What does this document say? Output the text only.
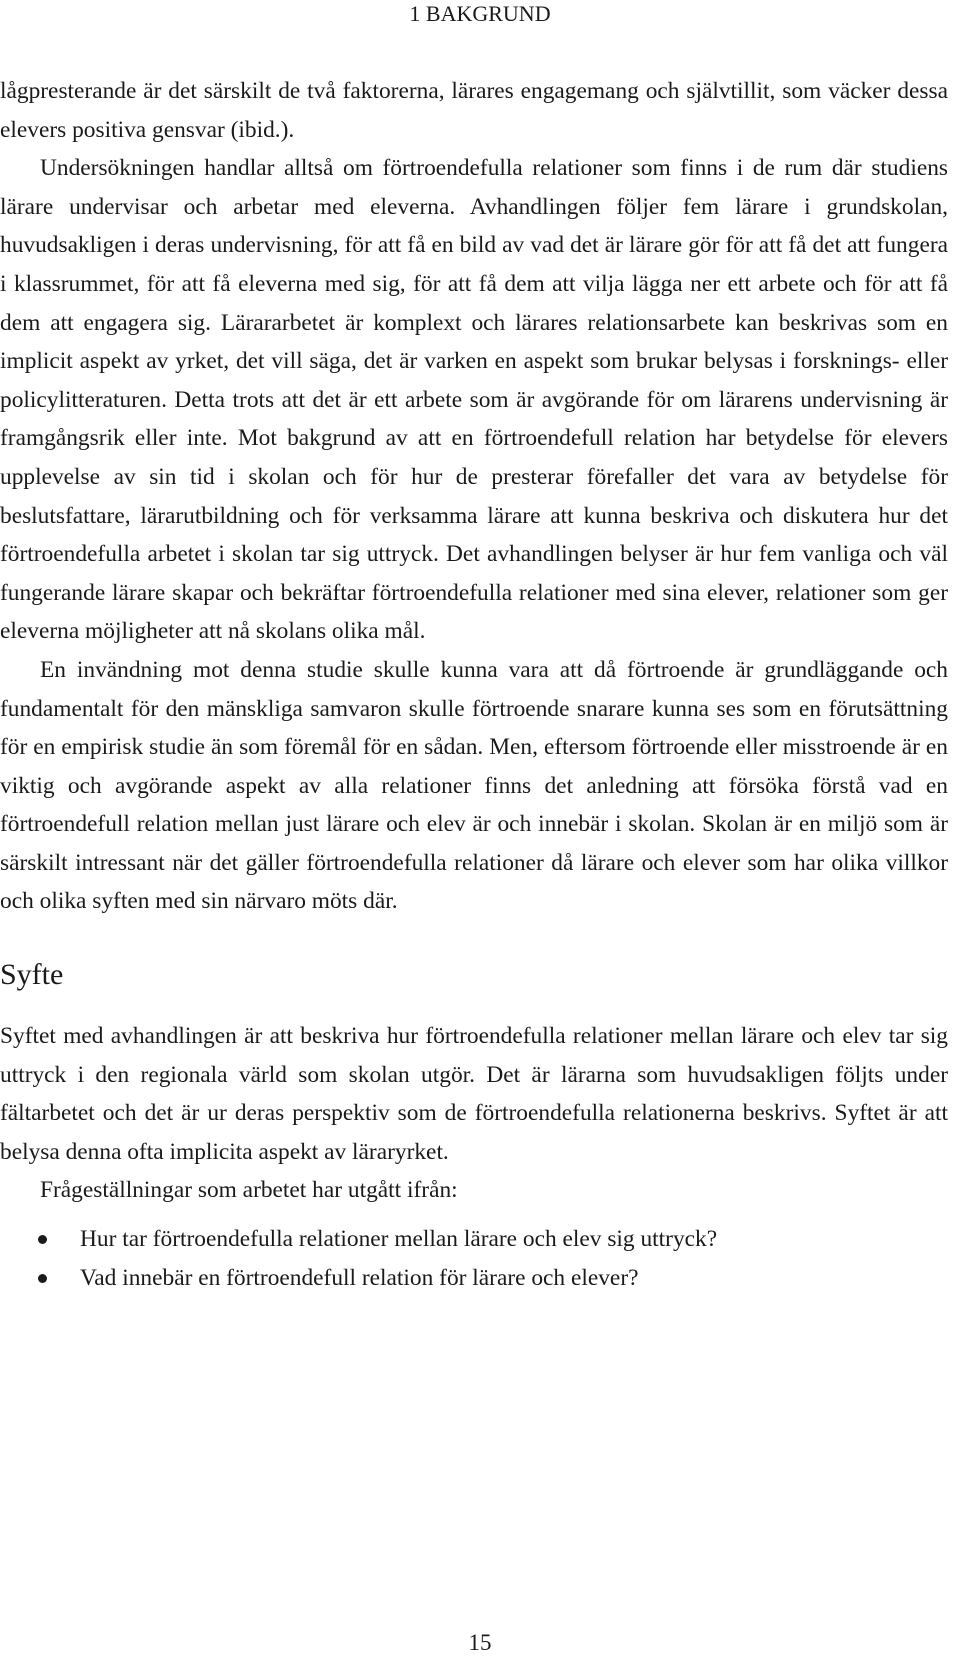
1 BAKGRUND

lågpresterande är det särskilt de två faktorerna, lärares engagemang och självtillit, som väcker dessa elevers positiva gensvar (ibid.).

Undersökningen handlar alltså om förtroendefulla relationer som finns i de rum där studiens lärare undervisar och arbetar med eleverna. Avhandlingen följer fem lärare i grundskolan, huvudsakligen i deras undervisning, för att få en bild av vad det är lärare gör för att få det att fungera i klassrummet, för att få eleverna med sig, för att få dem att vilja lägga ner ett arbete och för att få dem att engagera sig. Lärararbetet är komplext och lärares relationsarbete kan beskrivas som en implicit aspekt av yrket, det vill säga, det är varken en aspekt som brukar belysas i forsknings- eller policylitteraturen. Detta trots att det är ett arbete som är avgörande för om lärarens undervisning är framgångsrik eller inte. Mot bakgrund av att en förtroendefull relation har betydelse för elevers upplevelse av sin tid i skolan och för hur de presterar förefaller det vara av betydelse för beslutsfattare, lärarutbildning och för verksamma lärare att kunna beskriva och diskutera hur det förtroendefulla arbetet i skolan tar sig uttryck. Det avhandlingen belyser är hur fem vanliga och väl fungerande lärare skapar och bekräftar förtroendefulla relationer med sina elever, relationer som ger eleverna möjligheter att nå skolans olika mål.

En invändning mot denna studie skulle kunna vara att då förtroende är grundläggande och fundamentalt för den mänskliga samvaron skulle förtroende snarare kunna ses som en förutsättning för en empirisk studie än som föremål för en sådan. Men, eftersom förtroende eller misstroende är en viktig och avgörande aspekt av alla relationer finns det anledning att försöka förstå vad en förtroendefull relation mellan just lärare och elev är och innebär i skolan. Skolan är en miljö som är särskilt intressant när det gäller förtroendefulla relationer då lärare och elever som har olika villkor och olika syften med sin närvaro möts där.

Syfte

Syftet med avhandlingen är att beskriva hur förtroendefulla relationer mellan lärare och elev tar sig uttryck i den regionala värld som skolan utgör. Det är lärarna som huvudsakligen följts under fältarbetet och det är ur deras perspektiv som de förtroendefulla relationerna beskrivs. Syftet är att belysa denna ofta implicita aspekt av läraryrket.

Frågeställningar som arbetet har utgått ifrån:

Hur tar förtroendefulla relationer mellan lärare och elev sig uttryck?
Vad innebär en förtroendefull relation för lärare och elever?
15
